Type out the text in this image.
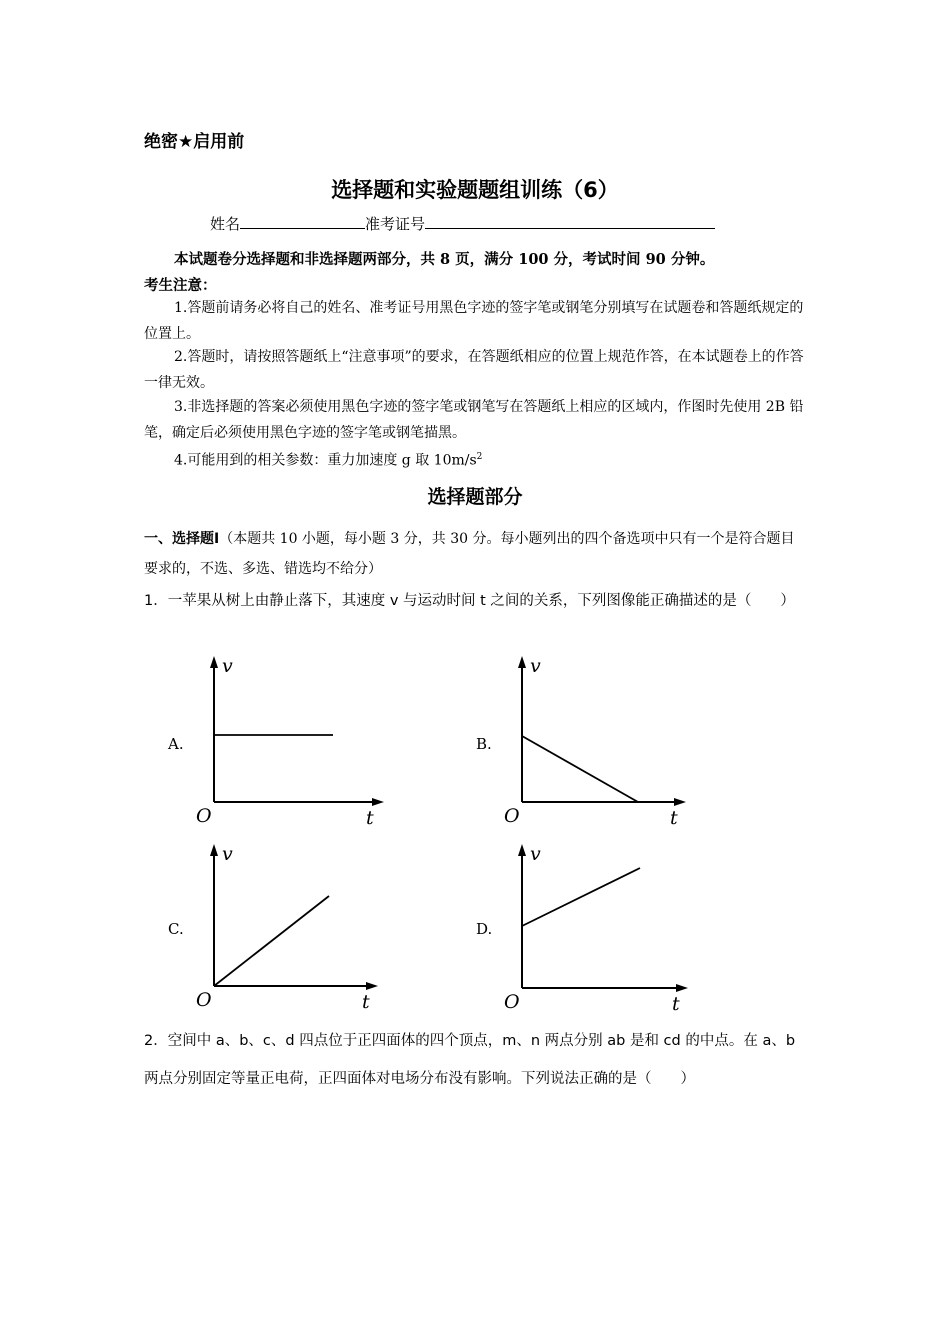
绝密★启用前
选择题和实验题题组训练（6）
姓名	准考证号
本试题卷分选择题和非选择题两部分，共 8 页，满分 100 分，考试时间 90 分钟。
考生注意：
1.答题前请务必将自己的姓名、准考证号用黑色字迹的签字笔或钢笔分别填写在试题卷和答题纸规定的位置上。
2.答题时，请按照答题纸上“注意事项”的要求，在答题纸相应的位置上规范作答，在本试题卷上的作答一律无效。
3.非选择题的答案必须使用黑色字迹的签字笔或钢笔写在答题纸上相应的区域内，作图时先使用 2B 铅笔，确定后必须使用黑色字迹的签字笔或钢笔描黑。
4.可能用到的相关参数：重力加速度 g 取 $10m/s^2$
选择题部分
一、选择题Ⅰ（本题共 10 小题，每小题 3 分，共 30 分。每小题列出的四个备选项中只有一个是符合题目要求的，不选、多选、错选均不给分）
1．一苹果从树上由静止落下，其速度 v 与运动时间 t 之间的关系，下列图像能正确描述的是（　　）
A.
v
O	t
B.
v
O	t
C.
v
O	t
D.
v
O	t
2．空间中 a、b、c、d 四点位于正四面体的四个顶点，m、n 两点分别 ab 是和 cd 的中点。在 a、b 两点分别固定等量正电荷，正四面体对电场分布没有影响。下列说法正确的是（　　）
